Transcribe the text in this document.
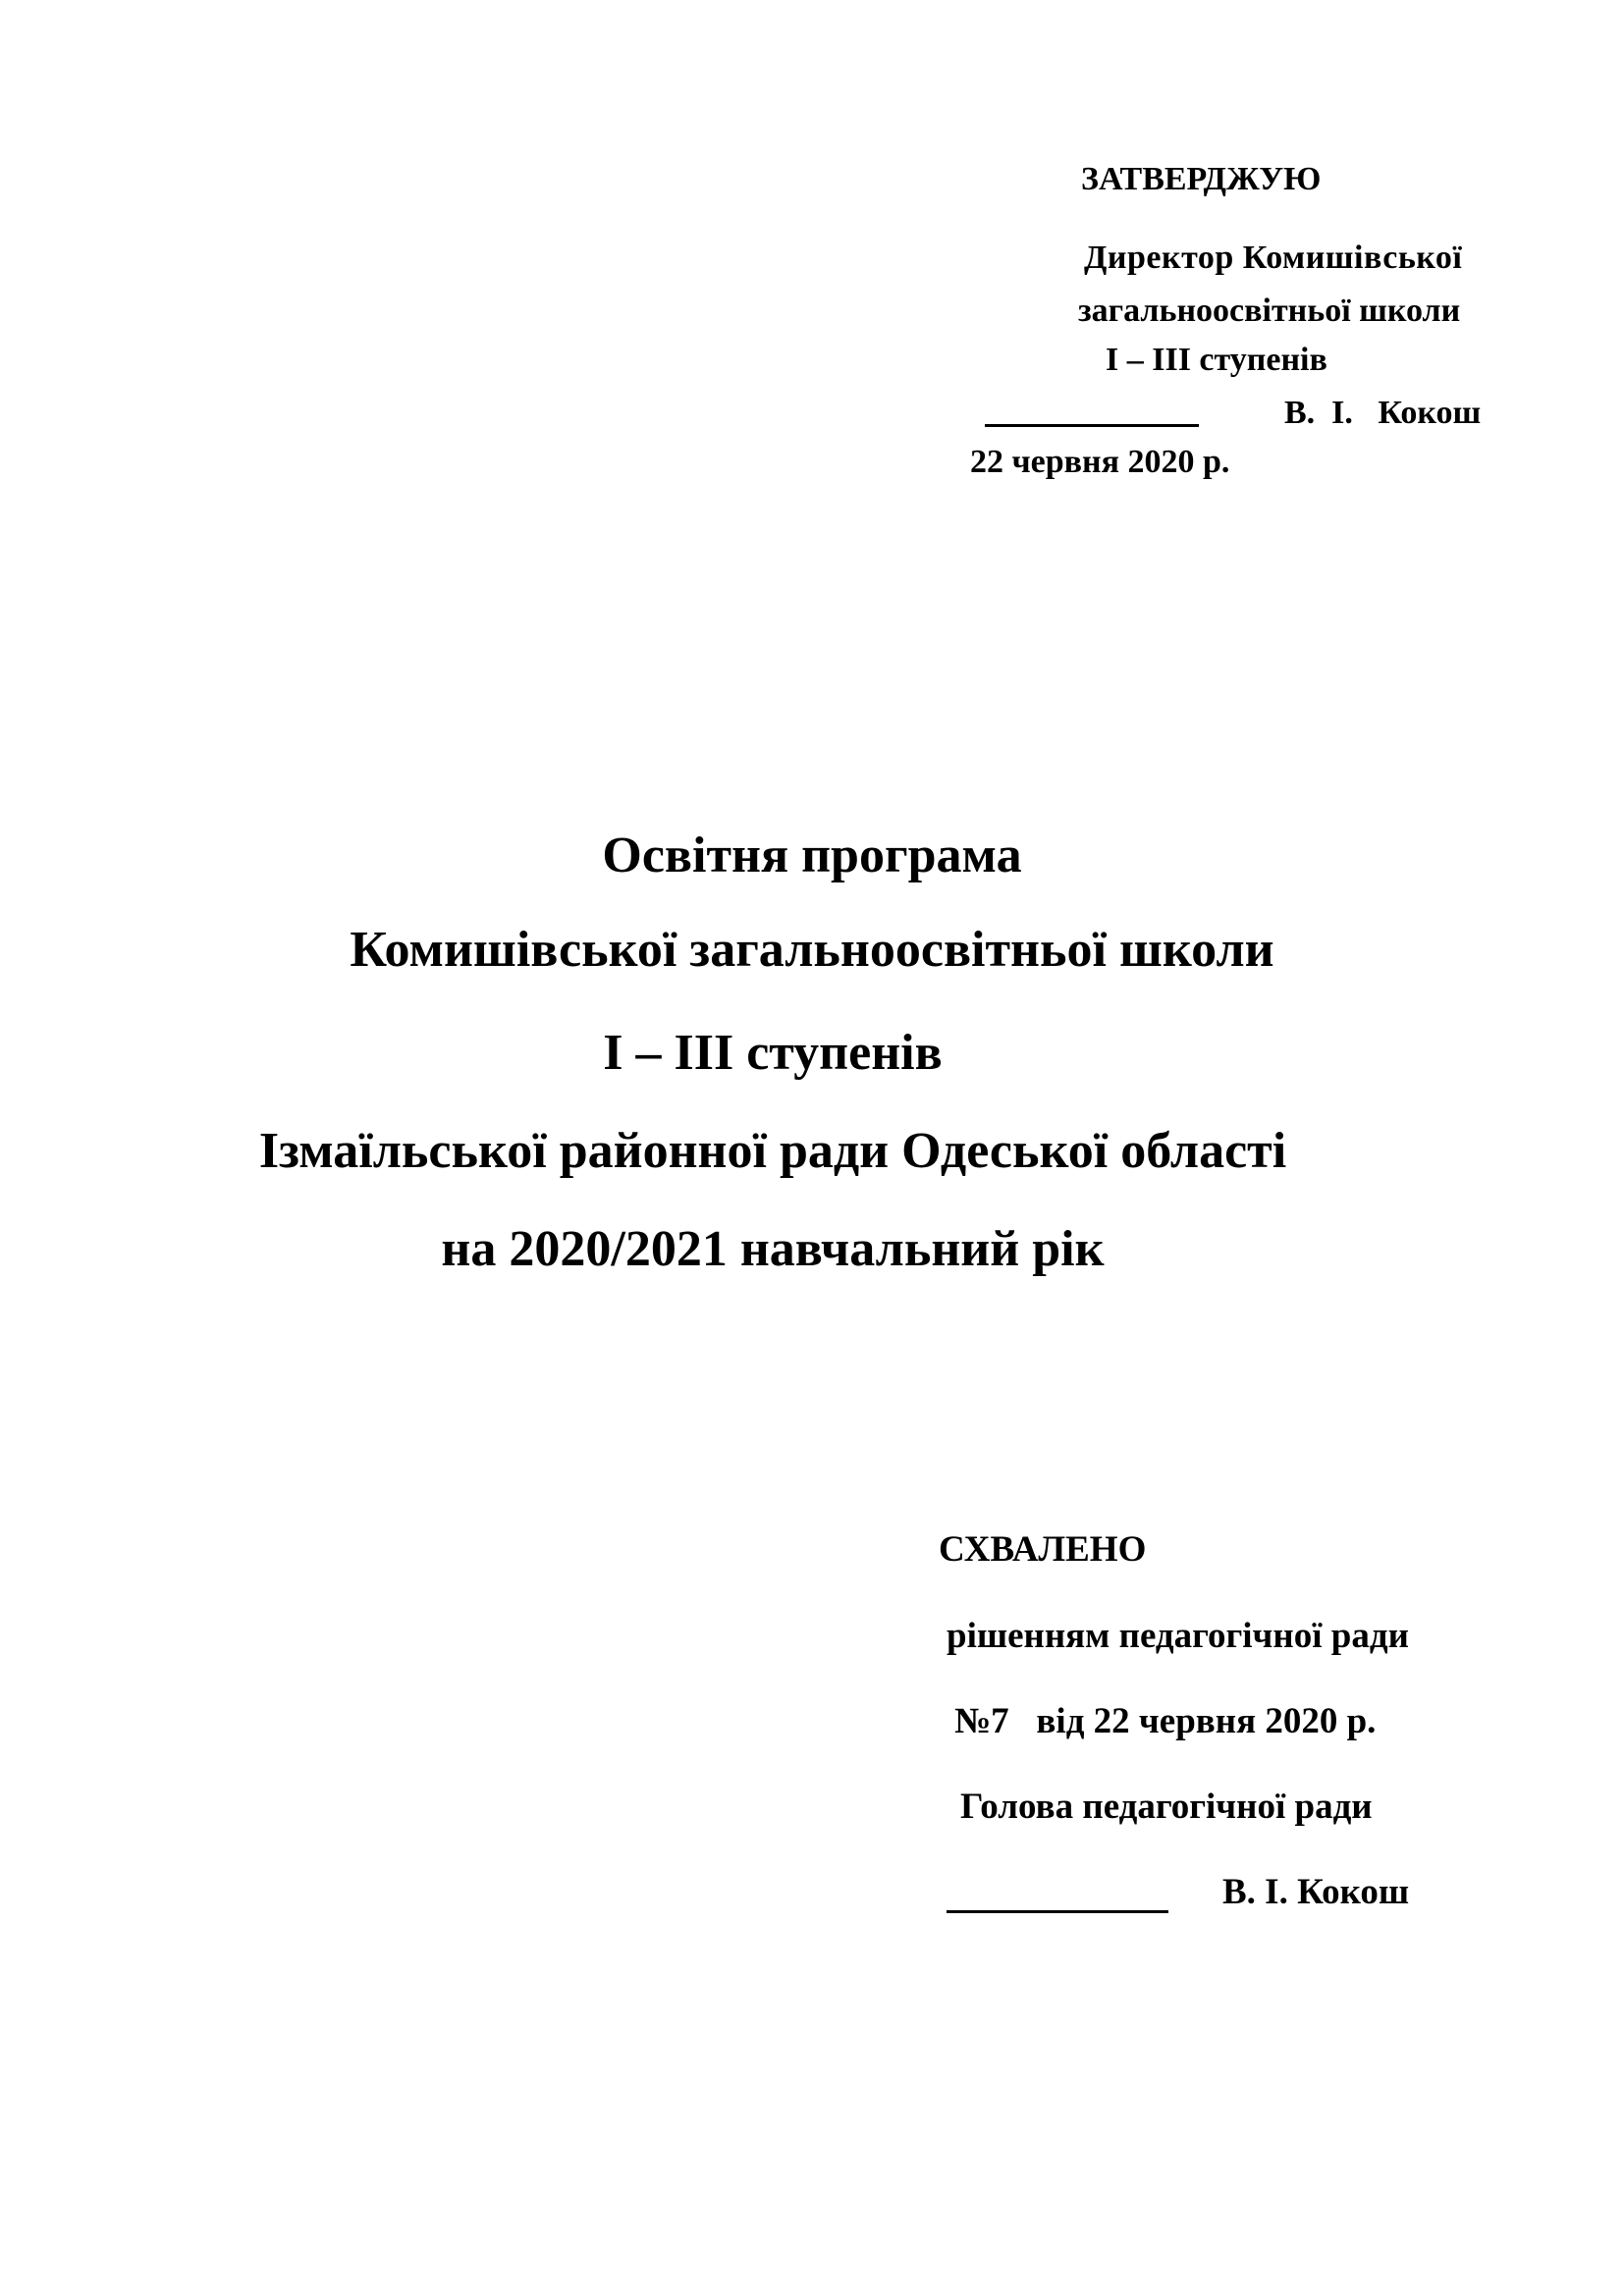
ЗАТВЕРДЖУЮ

Директор Комишівської

загальноосвітньої школи

І – ІІІ ступенів

В.  І.   Кокош

22 червня 2020 р.

Освітня програма

Комишівської загальноосвітньої школи

І – ІІІ ступенів

Ізмаїльської районної ради Одеської області

на 2020/2021 навчальний рік

СХВАЛЕНО

рішенням педагогічної ради

№7   від 22 червня 2020 р.

Голова педагогічної ради

В. І. Кокош
